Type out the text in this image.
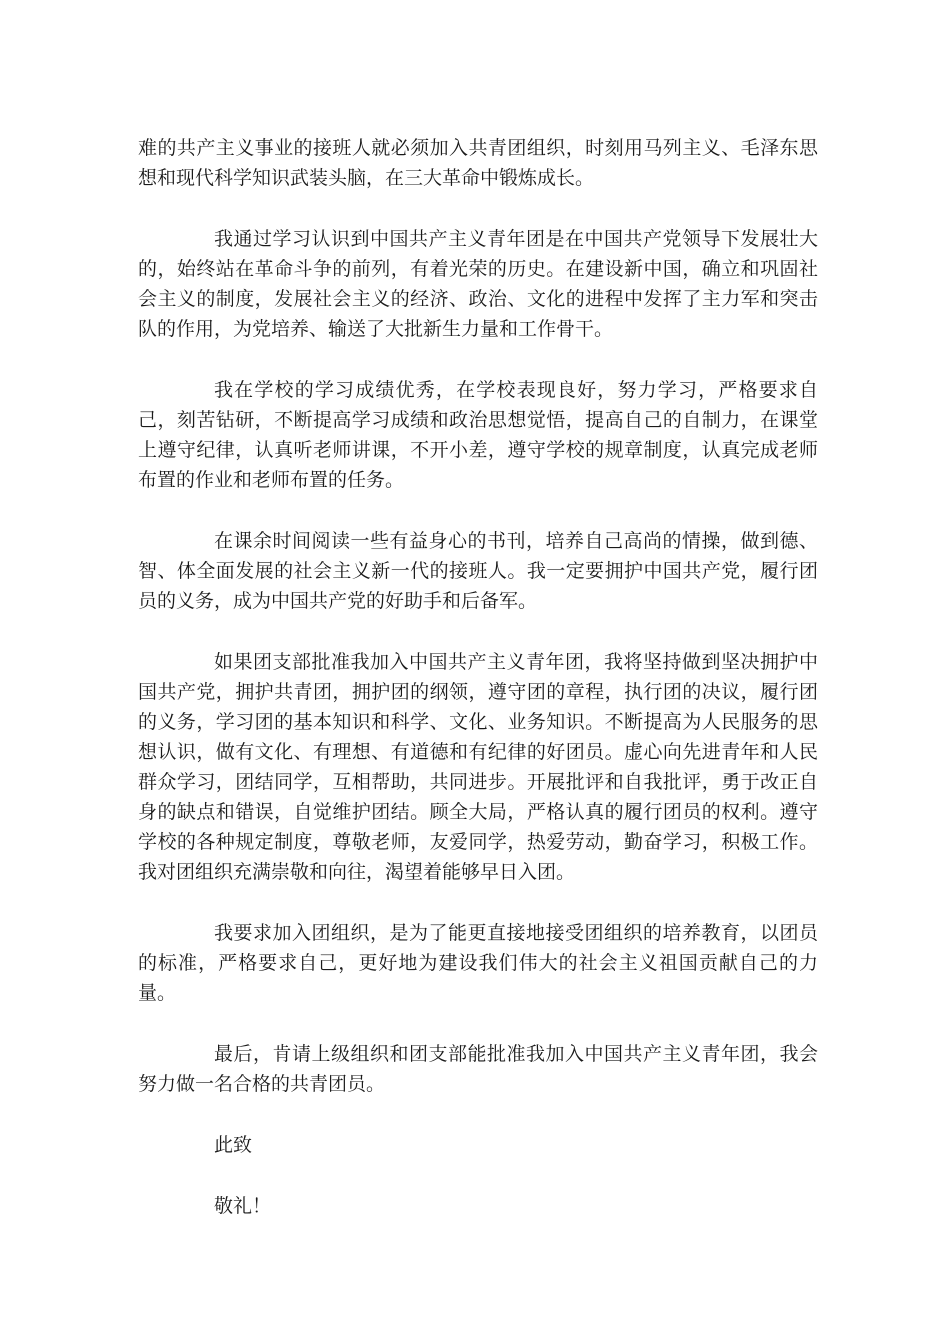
难的共产主义事业的接班人就必须加入共青团组织，时刻用马列主义、毛泽东思想和现代科学知识武装头脑，在三大革命中锻炼成长。

我通过学习认识到中国共产主义青年团是在中国共产党领导下发展壮大的，始终站在革命斗争的前列，有着光荣的历史。在建设新中国，确立和巩固社会主义的制度，发展社会主义的经济、政治、文化的进程中发挥了主力军和突击队的作用，为党培养、输送了大批新生力量和工作骨干。

我在学校的学习成绩优秀，在学校表现良好，努力学习，严格要求自己，刻苦钻研，不断提高学习成绩和政治思想觉悟，提高自己的自制力，在课堂上遵守纪律，认真听老师讲课，不开小差，遵守学校的规章制度，认真完成老师布置的作业和老师布置的任务。

在课余时间阅读一些有益身心的书刊，培养自己高尚的情操，做到德、智、体全面发展的社会主义新一代的接班人。我一定要拥护中国共产党，履行团员的义务，成为中国共产党的好助手和后备军。

如果团支部批准我加入中国共产主义青年团，我将坚持做到坚决拥护中国共产党，拥护共青团，拥护团的纲领，遵守团的章程，执行团的决议，履行团的义务，学习团的基本知识和科学、文化、业务知识。不断提高为人民服务的思想认识，做有文化、有理想、有道德和有纪律的好团员。虚心向先进青年和人民群众学习，团结同学，互相帮助，共同进步。开展批评和自我批评，勇于改正自身的缺点和错误，自觉维护团结。顾全大局，严格认真的履行团员的权利。遵守学校的各种规定制度，尊敬老师，友爱同学，热爱劳动，勤奋学习，积极工作。我对团组织充满崇敬和向往，渴望着能够早日入团。

我要求加入团组织，是为了能更直接地接受团组织的培养教育，以团员的标准，严格要求自己，更好地为建设我们伟大的社会主义祖国贡献自己的力量。

最后，肯请上级组织和团支部能批准我加入中国共产主义青年团，我会努力做一名合格的共青团员。

此致

敬礼！
